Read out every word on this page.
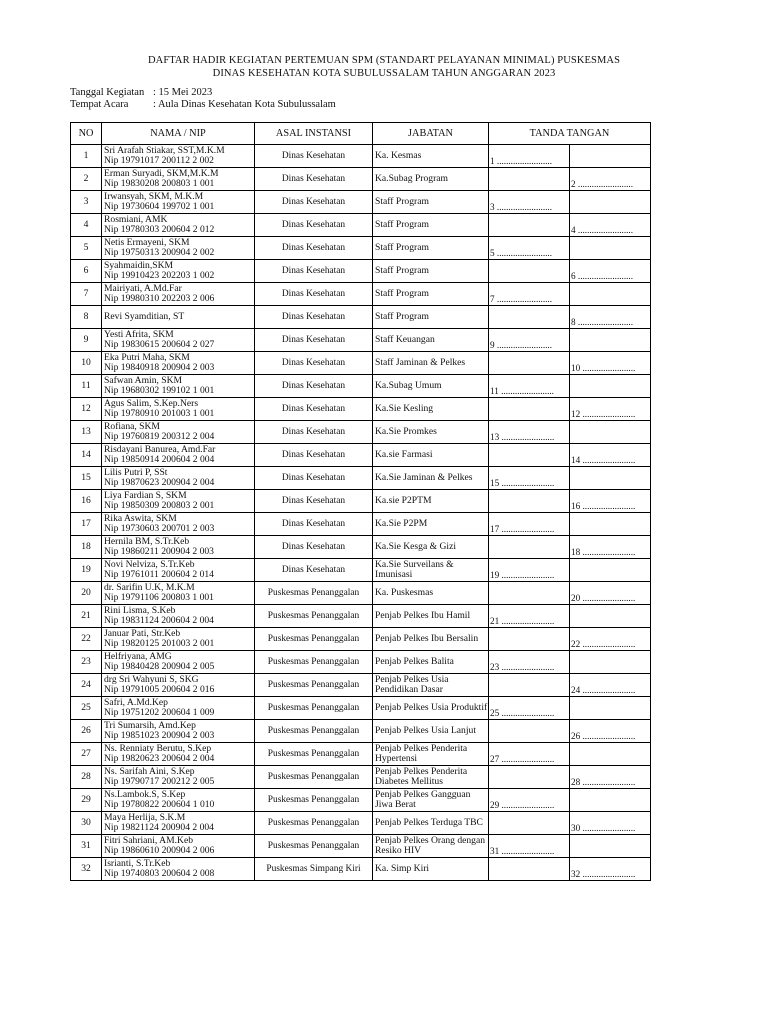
DAFTAR HADIR KEGIATAN PERTEMUAN SPM (STANDART PELAYANAN MINIMAL) PUSKESMAS
DINAS KESEHATAN KOTA SUBULUSSALAM TAHUN ANGGARAN 2023
Tanggal Kegiatan : 15 Mei 2023
Tempat Acara : Aula Dinas Kesehatan Kota Subulussalam
NO	NAMA / NIP	ASAL INSTANSI	JABATAN	TANDA TANGAN	
1	Sri Arafah Stiakar, SST,M.K.M
Nip 19791017 200112 2 002	Dinas Kesehatan	Ka. Kesmas	1 ........................	

2	Erman Suryadi, SKM,M.K.M
Nip 19830208 200803 1 001	Dinas Kesehatan	Ka.Subag Program		2 ........................

3	Irwansyah, SKM, M.K.M
Nip 19730604 199702 1 001	Dinas Kesehatan	Staff Program	3 ........................	

4	Rosmiani, AMK
Nip 19780303 200604 2 012	Dinas Kesehatan	Staff Program		4 ........................

5	Netis Ermayeni, SKM
Nip 19750313 200904 2 002	Dinas Kesehatan	Staff Program	5 ........................	

6	Syahmaidin,SKM
Nip 19910423 202203 1 002	Dinas Kesehatan	Staff Program		6 ........................

7	Mairiyati, A.Md.Far
Nip 19980310 202203 2 006	Dinas Kesehatan	Staff Program	7 ........................	

8	Revi Syamditian, ST	Dinas Kesehatan	Staff Program		8 ........................

9	Yesti Afrita, SKM
Nip 19830615 200604 2 027	Dinas Kesehatan	Staff Keuangan	9 ........................	

10	Eka Putri Maha, SKM
Nip 19840918 200904 2 003	Dinas Kesehatan	Staff Jaminan & Pelkes		10 .......................

11	Safwan Amin, SKM
Nip 19680302 199102 1 001	Dinas Kesehatan	Ka.Subag Umum	11 .......................	

12	Agus Salim, S.Kep.Ners
Nip 19780910 201003 1 001	Dinas Kesehatan	Ka.Sie Kesling		12 .......................

13	Rofiana, SKM
Nip 19760819 200312 2 004	Dinas Kesehatan	Ka.Sie Promkes	13 .......................	

14	Risdayani Banurea, Amd.Far
Nip 19850914 200604 2 004	Dinas Kesehatan	Ka.sie Farmasi		14 .......................

15	Lilis Putri P, SSt
Nip 19870623 200904 2 004	Dinas Kesehatan	Ka.Sie Jaminan & Pelkes	15 .......................	

16	Liya Fardian S, SKM
Nip 19850309 200803 2 001	Dinas Kesehatan	Ka.sie P2PTM		16 .......................

17	Rika Aswita, SKM
Nip 19730603 200701 2 003	Dinas Kesehatan	Ka.Sie P2PM	17 .......................	

18	Hernila BM, S.Tr.Keb
Nip 19860211 200904 2 003	Dinas Kesehatan	Ka.Sie Kesga & Gizi		18 .......................

19	Novi Nelviza, S.Tr.Keb
Nip 19761011 200604 2 014	Dinas Kesehatan	Ka.Sie Surveilans & Imunisasi	19 .......................	

20	dr. Sarifin U.K, M.K.M
Nip 19791106 200803 1 001	Puskesmas Penanggalan	Ka. Puskesmas		20 .......................

21	Rini Lisma, S.Keb
Nip 19831124 200604 2 004	Puskesmas Penanggalan	Penjab Pelkes Ibu Hamil	21 .......................	

22	Januar Pati, Str.Keb
Nip 19820125 201003 2 001	Puskesmas Penanggalan	Penjab Pelkes Ibu Bersalin		22 .......................

23	Helfriyana, AMG
Nip 19840428 200904 2 005	Puskesmas Penanggalan	Penjab Pelkes Balita	23 .......................	

24	drg Sri Wahyuni S, SKG
Nip 19791005 200604 2 016	Puskesmas Penanggalan	Penjab Pelkes Usia Pendidikan Dasar		24 .......................

25	Safri, A.Md.Kep
Nip 19751202 200604 1 009	Puskesmas Penanggalan	Penjab Pelkes Usia Produktif	25 .......................	

26	Tri Sumarsih, Amd.Kep
Nip 19851023 200904 2 003	Puskesmas Penanggalan	Penjab Pelkes Usia Lanjut		26 .......................

27	Ns. Renniaty Berutu, S.Kep
Nip 19820623 200604 2 004	Puskesmas Penanggalan	Penjab Pelkes Penderita Hypertensi	27 .......................	

28	Ns. Sarifah Aini, S.Kep
Nip 19790717 200212 2 005	Puskesmas Penanggalan	Penjab Pelkes Penderita Diabetes Mellitus		28 .......................

29	Ns.Lambok.S, S.Kep
Nip 19780822 200604 1 010	Puskesmas Penanggalan	Penjab Pelkes Gangguan Jiwa Berat	29 .......................	

30	Maya Herlija, S.K.M
Nip 19821124 200904 2 004	Puskesmas Penanggalan	Penjab Pelkes Terduga TBC		30 .......................

31	Fitri Sahriani, AM.Keb
Nip 19860610 200904 2 006	Puskesmas Penanggalan	Penjab Pelkes Orang dengan Resiko HIV	31 .......................	

32	Isrianti, S.Tr.Keb
Nip 19740803 200604 2 008	Puskesmas Simpang Kiri	Ka. Simp Kiri		32 .......................
